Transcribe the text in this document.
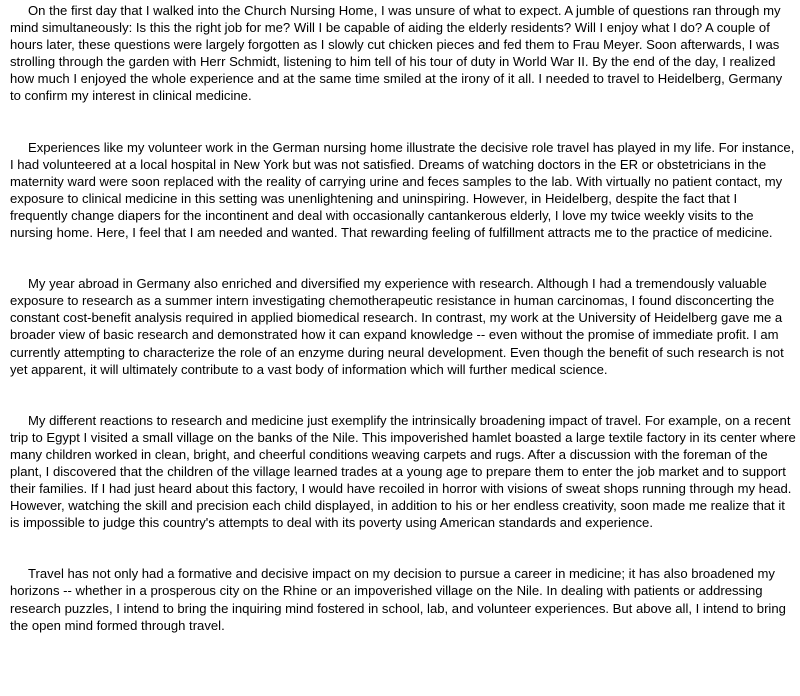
On the first day that I walked into the Church Nursing Home, I was unsure of what to expect. A jumble of questions ran through my mind simultaneously: Is this the right job for me? Will I be capable of aiding the elderly residents? Will I enjoy what I do? A couple of hours later, these questions were largely forgotten as I slowly cut chicken pieces and fed them to Frau Meyer. Soon afterwards, I was strolling through the garden with Herr Schmidt, listening to him tell of his tour of duty in World War II. By the end of the day, I realized how much I enjoyed the whole experience and at the same time smiled at the irony of it all. I needed to travel to Heidelberg, Germany to confirm my interest in clinical medicine.

Experiences like my volunteer work in the German nursing home illustrate the decisive role travel has played in my life. For instance, I had volunteered at a local hospital in New York but was not satisfied. Dreams of watching doctors in the ER or obstetricians in the maternity ward were soon replaced with the reality of carrying urine and feces samples to the lab. With virtually no patient contact, my exposure to clinical medicine in this setting was unenlightening and uninspiring. However, in Heidelberg, despite the fact that I frequently change diapers for the incontinent and deal with occasionally cantankerous elderly, I love my twice weekly visits to the nursing home. Here, I feel that I am needed and wanted. That rewarding feeling of fulfillment attracts me to the practice of medicine.

My year abroad in Germany also enriched and diversified my experience with research. Although I had a tremendously valuable exposure to research as a summer intern investigating chemotherapeutic resistance in human carcinomas, I found disconcerting the constant cost-benefit analysis required in applied biomedical research. In contrast, my work at the University of Heidelberg gave me a broader view of basic research and demonstrated how it can expand knowledge -- even without the promise of immediate profit. I am currently attempting to characterize the role of an enzyme during neural development. Even though the benefit of such research is not yet apparent, it will ultimately contribute to a vast body of information which will further medical science.

My different reactions to research and medicine just exemplify the intrinsically broadening impact of travel. For example, on a recent trip to Egypt I visited a small village on the banks of the Nile. This impoverished hamlet boasted a large textile factory in its center where many children worked in clean, bright, and cheerful conditions weaving carpets and rugs. After a discussion with the foreman of the plant, I discovered that the children of the village learned trades at a young age to prepare them to enter the job market and to support their families. If I had just heard about this factory, I would have recoiled in horror with visions of sweat shops running through my head. However, watching the skill and precision each child displayed, in addition to his or her endless creativity, soon made me realize that it is impossible to judge this country's attempts to deal with its poverty using American standards and experience.

Travel has not only had a formative and decisive impact on my decision to pursue a career in medicine; it has also broadened my horizons -- whether in a prosperous city on the Rhine or an impoverished village on the Nile. In dealing with patients or addressing research puzzles, I intend to bring the inquiring mind fostered in school, lab, and volunteer experiences. But above all, I intend to bring the open mind formed through travel.
